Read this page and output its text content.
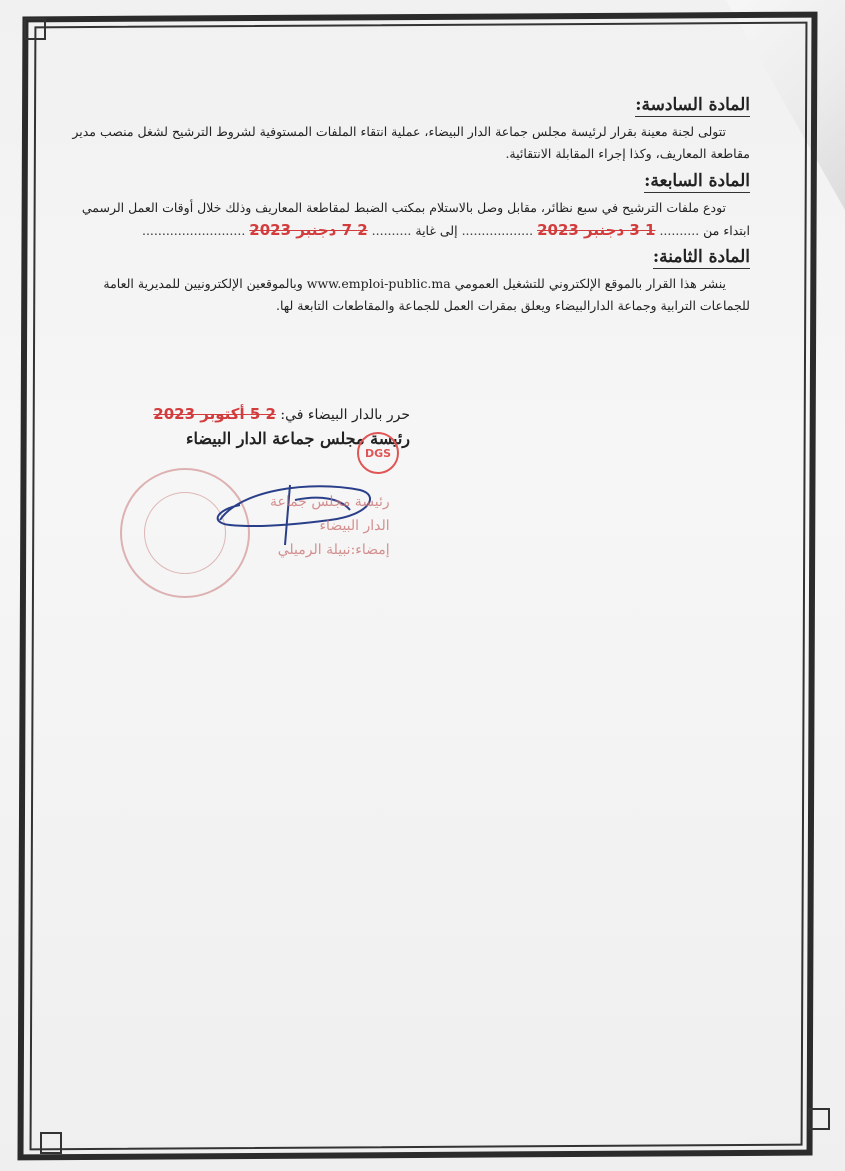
المادة السادسة:

تتولى لجنة معينة بقرار لرئيسة مجلس جماعة الدار البيضاء، عملية انتقاء الملفات المستوفية لشروط الترشيح لشغل منصب مدير مقاطعة المعاريف، وكذا إجراء المقابلة الانتقائية.

المادة السابعة:

تودع ملفات الترشيح في سبع نظائر، مقابل وصل بالاستلام بمكتب الضبط لمقاطعة المعاريف وذلك خلال أوقات العمل الرسمي

ابتداء من .......... 1 3 دجنبر 2023 .................. إلى غاية .......... 2 7 دجنبر 2023 ..........................
المادة الثامنة:

ينشر هذا القرار بالموقع الإلكتروني للتشغيل العمومي www.emploi-public.ma وبالموقعين الإلكترونيين للمديرية العامة للجماعات الترابية وجماعة الدارالبيضاء ويعلق بمقرات العمل للجماعة والمقاطعات التابعة لها.

حرر بالدار البيضاء في: 2 5 أكتوبر 2023
رئيسة مجلس جماعة الدار البيضاء
DGS
رئيسة مجلس جماعة
الدار البيضاء
إمضاء:نبيلة الرميلي
